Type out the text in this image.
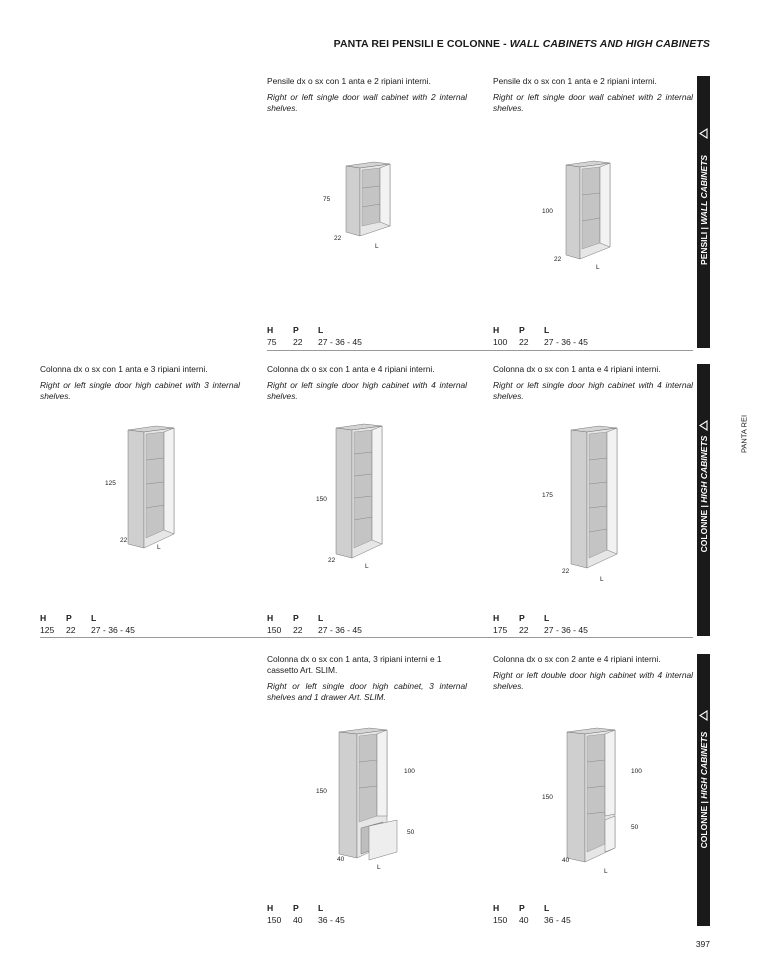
PANTA REI PENSILI E COLONNE - WALL CABINETS AND HIGH CABINETS
Pensile dx o sx con 1 anta e 2 ripiani interni.
Right or left single door wall cabinet with 2 internal shelves.
75
22
L
H P L
75 22 27 - 36 - 45
Pensile dx o sx con 1 anta e 2 ripiani interni.
Right or left single door wall cabinet with 2 internal shelves.
100
22
L
H P L
100 22 27 - 36 - 45
Colonna dx o sx con 1 anta e 3 ripiani interni.
Right or left single door high cabinet with 3 internal shelves.
125
22
L
H P L
125 22 27 - 36 - 45
Colonna dx o sx con 1 anta e 4 ripiani interni.
Right or left single door high cabinet with 4 internal shelves.
150
22
L
H P L
150 22 27 - 36 - 45
Colonna dx o sx con 1 anta e 4 ripiani interni.
Right or left single door high cabinet with 4 internal shelves.
175
22
L
H P L
175 22 27 - 36 - 45
Colonna dx o sx con 1 anta, 3 ripiani interni e 1 cassetto Art. SLIM.
Right or left single door high cabinet, 3 internal shelves and 1 drawer Art. SLIM.
100
150
50
40
L
H P L
150 40 36 - 45
Colonna dx o sx con 2 ante e 4 ripiani interni.
Right or left double door high cabinet with 4 internal shelves.
100
150
50
40
L
H P L
150 40 36 - 45
PENSILI | WALL CABINETS
COLONNE | HIGH CABINETS
COLONNE | HIGH CABINETS
PANTA REI
397
